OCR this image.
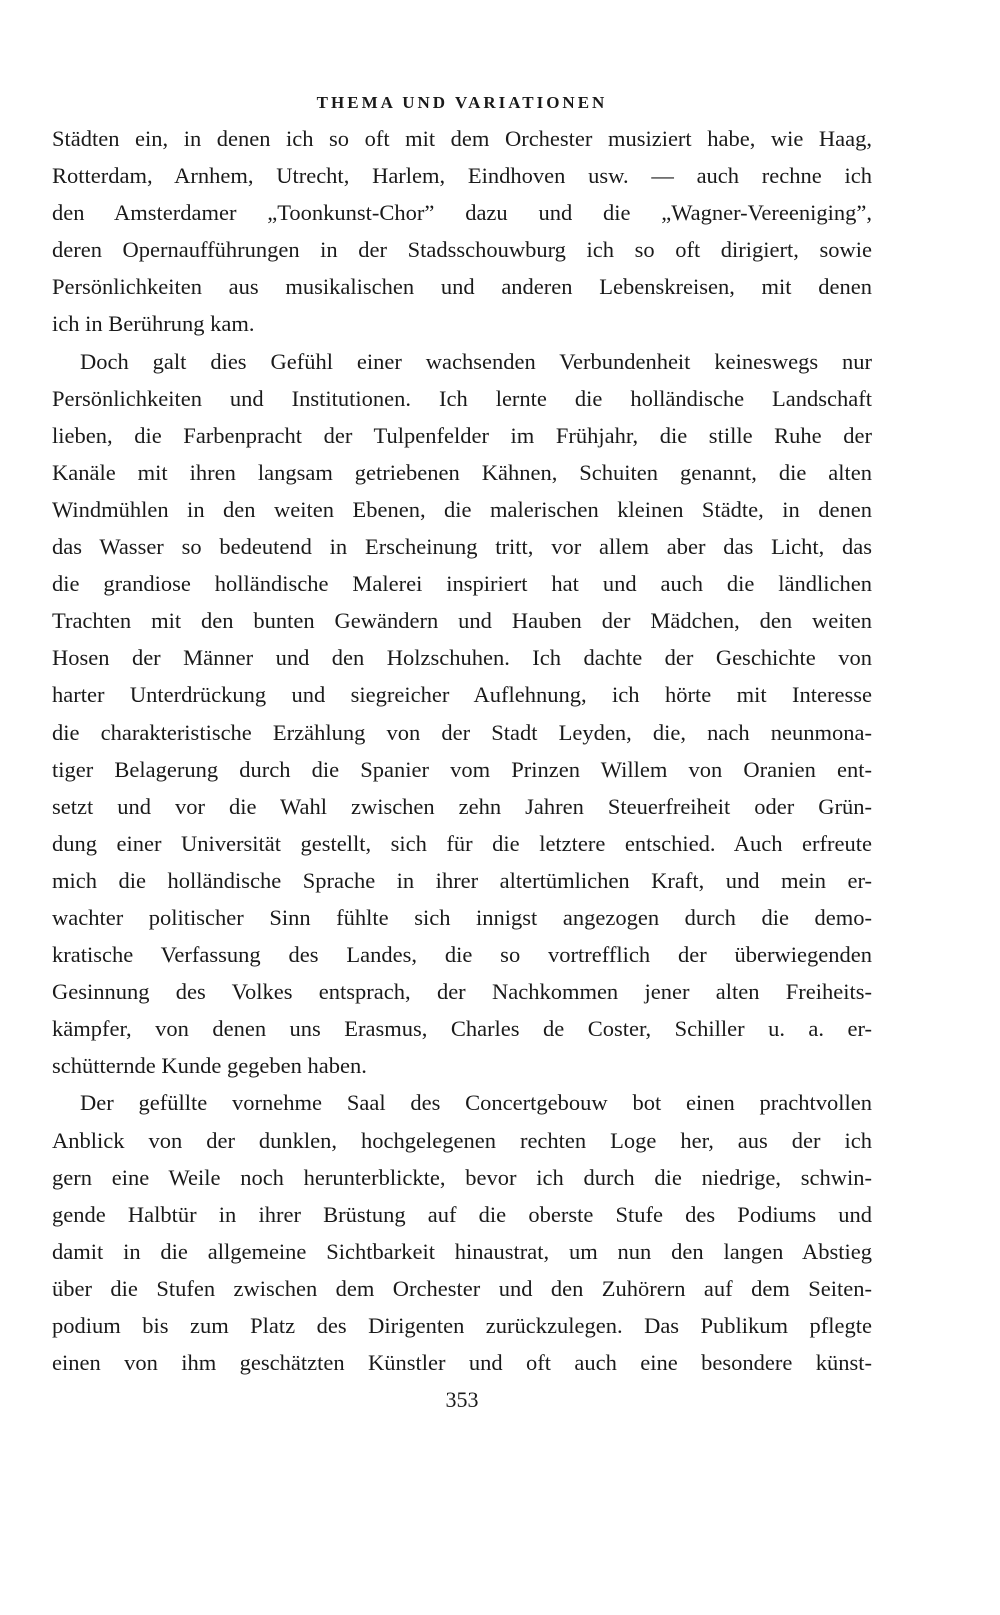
THEMA UND VARIATIONEN
Städten ein, in denen ich so oft mit dem Orchester musiziert habe, wie Haag,
Rotterdam, Arnhem, Utrecht, Harlem, Eindhoven usw. — auch rechne ich
den Amsterdamer „Toonkunst-Chor” dazu und die „Wagner-Vereeniging”,
deren Opernaufführungen in der Stadsschouwburg ich so oft dirigiert, sowie
Persönlichkeiten aus musikalischen und anderen Lebenskreisen, mit denen
ich in Berührung kam.
Doch galt dies Gefühl einer wachsenden Verbundenheit keineswegs nur
Persönlichkeiten und Institutionen. Ich lernte die holländische Landschaft
lieben, die Farbenpracht der Tulpenfelder im Frühjahr, die stille Ruhe der
Kanäle mit ihren langsam getriebenen Kähnen, Schuiten genannt, die alten
Windmühlen in den weiten Ebenen, die malerischen kleinen Städte, in denen
das Wasser so bedeutend in Erscheinung tritt, vor allem aber das Licht, das
die grandiose holländische Malerei inspiriert hat und auch die ländlichen
Trachten mit den bunten Gewändern und Hauben der Mädchen, den weiten
Hosen der Männer und den Holzschuhen. Ich dachte der Geschichte von
harter Unterdrückung und siegreicher Auflehnung, ich hörte mit Interesse
die charakteristische Erzählung von der Stadt Leyden, die, nach neunmona-
tiger Belagerung durch die Spanier vom Prinzen Willem von Oranien ent-
setzt und vor die Wahl zwischen zehn Jahren Steuerfreiheit oder Grün-
dung einer Universität gestellt, sich für die letztere entschied. Auch erfreute
mich die holländische Sprache in ihrer altertümlichen Kraft, und mein er-
wachter politischer Sinn fühlte sich innigst angezogen durch die demo-
kratische Verfassung des Landes, die so vortrefflich der überwiegenden
Gesinnung des Volkes entsprach, der Nachkommen jener alten Freiheits-
kämpfer, von denen uns Erasmus, Charles de Coster, Schiller u. a. er-
schütternde Kunde gegeben haben.
Der gefüllte vornehme Saal des Concertgebouw bot einen prachtvollen
Anblick von der dunklen, hochgelegenen rechten Loge her, aus der ich
gern eine Weile noch herunterblickte, bevor ich durch die niedrige, schwin-
gende Halbtür in ihrer Brüstung auf die oberste Stufe des Podiums und
damit in die allgemeine Sichtbarkeit hinaustrat, um nun den langen Abstieg
über die Stufen zwischen dem Orchester und den Zuhörern auf dem Seiten-
podium bis zum Platz des Dirigenten zurückzulegen. Das Publikum pflegte
einen von ihm geschätzten Künstler und oft auch eine besondere künst-
353
